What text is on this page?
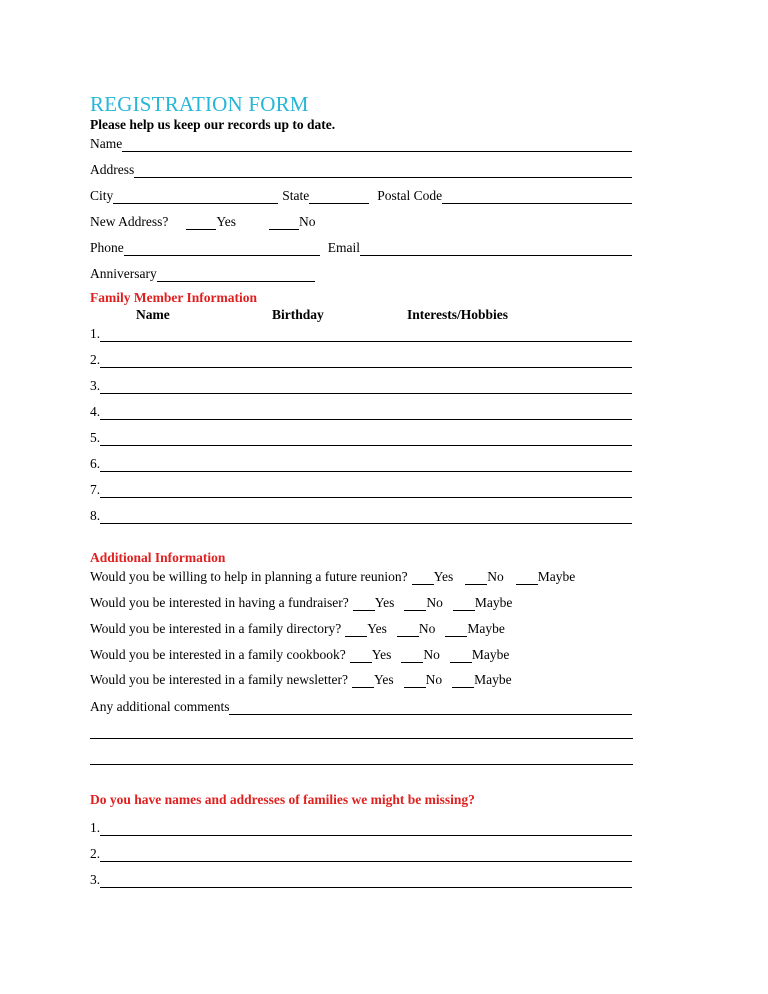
REGISTRATION FORM
Please help us keep our records up to date.
Name
Address
City	State	Postal Code
New Address?	Yes	No
Phone	Email
Anniversary
Family Member Information
Name	Birthday	Interests/Hobbies
1.
2.
3.
4.
5.
6.
7.
8.
Additional Information
Would you be willing to help in planning a future reunion? Yes	No	Maybe
Would you be interested in having a fundraiser? Yes No Maybe
Would you be interested in a family directory? Yes No Maybe
Would you be interested in a family cookbook? Yes No Maybe
Would you be interested in a family newsletter? Yes No Maybe
Any additional comments
Do you have names and addresses of families we might be missing?
1.
2.
3.
